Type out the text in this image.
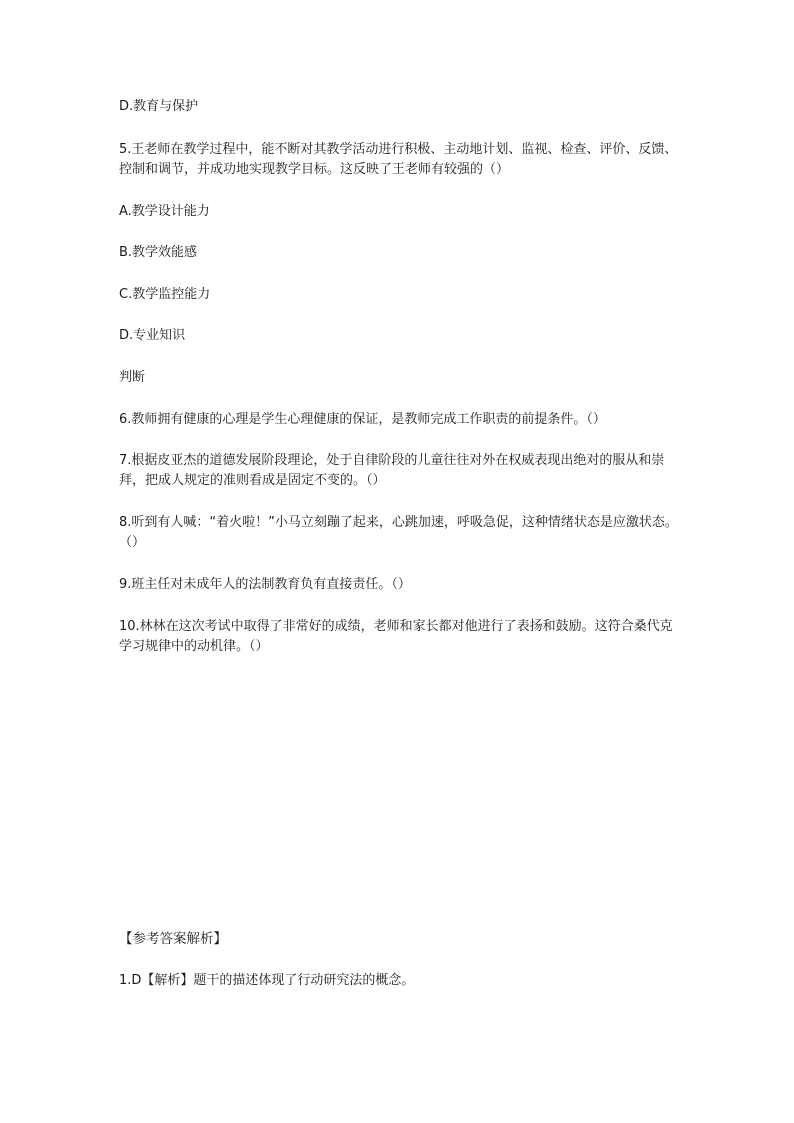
D.教育与保护
5.王老师在教学过程中，能不断对其教学活动进行积极、主动地计划、监视、检查、评价、反馈、控制和调节，并成功地实现教学目标。这反映了王老师有较强的（）
A.教学设计能力
B.教学效能感
C.教学监控能力
D.专业知识
判断
6.教师拥有健康的心理是学生心理健康的保证，是教师完成工作职责的前提条件。（）
7.根据皮亚杰的道德发展阶段理论，处于自律阶段的儿童往往对外在权威表现出绝对的服从和崇拜，把成人规定的准则看成是固定不变的。（）
8.听到有人喊：“着火啦！”小马立刻蹦了起来，心跳加速，呼吸急促，这种情绪状态是应激状态。（）
9.班主任对未成年人的法制教育负有直接责任。（）
10.林林在这次考试中取得了非常好的成绩，老师和家长都对他进行了表扬和鼓励。这符合桑代克学习规律中的动机律。（）
【参考答案解析】
1.D【解析】题干的描述体现了行动研究法的概念。
